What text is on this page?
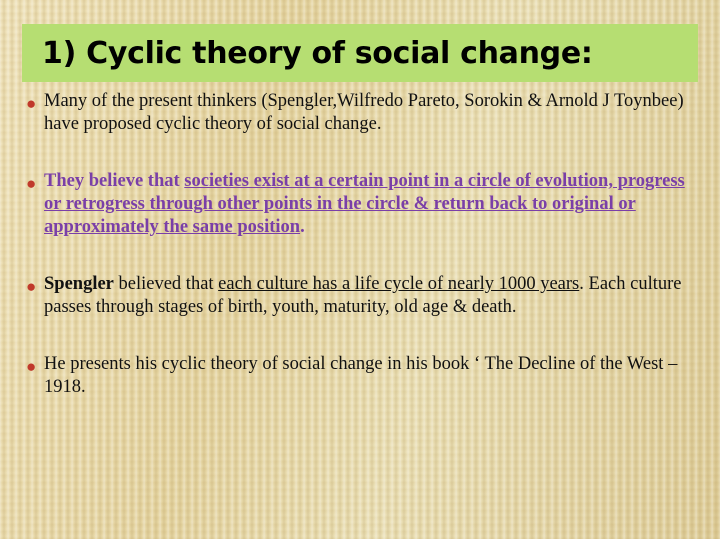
1) Cyclic theory of social change:
● Many of the present thinkers (Spengler,Wilfredo Pareto, Sorokin & Arnold J Toynbee) have proposed cyclic theory of social change.
● They believe that societies exist at a certain point in a circle of evolution, progress or retrogress through other points in the circle & return back to original or approximately the same position.
● Spengler believed that each culture has a life cycle of nearly 1000 years. Each culture passes through stages of birth, youth, maturity, old age & death.
● He presents his cyclic theory of social change in his book ‘ The Decline of the West – 1918.
